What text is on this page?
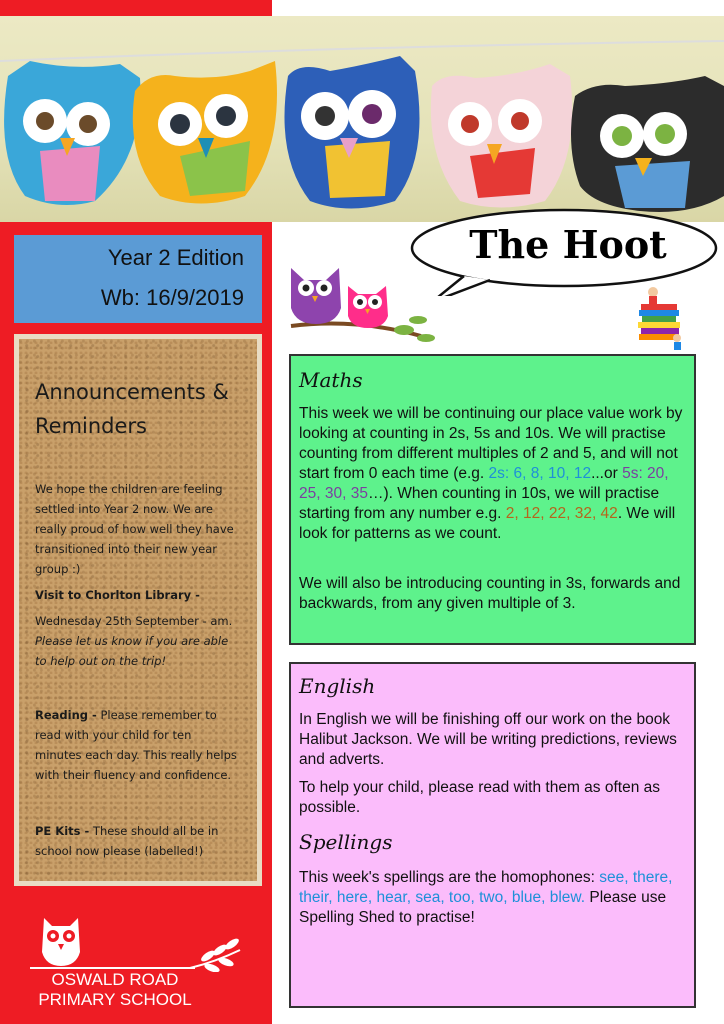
Year 2 Edition
Wb: 16/9/2019
Announcements &
Reminders
We hope the children are feeling
settled into Year 2 now. We are
really proud of how well they have
transitioned into their new year
group :)
Visit to Chorlton Library -
Wednesday 25th September - am.
Please let us know if you are able
to help out on the trip!
Reading - Please remember to
read with your child for ten
minutes each day. This really helps
with their fluency and confidence.
PE Kits - These should all be in
school now please (labelled!)
The Hoot
Maths
This week we will be continuing our place value work by looking at counting in 2s, 5s and 10s. We will practise counting from different multiples of 2 and 5, and will not start from 0 each time (e.g. 2s: 6, 8, 10, 12...or 5s: 20, 25, 30, 35…). When counting in 10s, we will practise starting from any number e.g. 2, 12, 22, 32, 42. We will look for patterns as we count.
We will also be introducing counting in 3s, forwards and backwards, from any given multiple of 3.
English
In English we will be finishing off our work on the book Halibut Jackson. We will be writing predictions, reviews and adverts.
To help your child, please read with them as often as possible.
Spellings
This week's spellings are the homophones: see, there, their, here, hear, sea, too, two, blue, blew. Please use Spelling Shed to practise!
OSWALD ROAD
PRIMARY SCHOOL
